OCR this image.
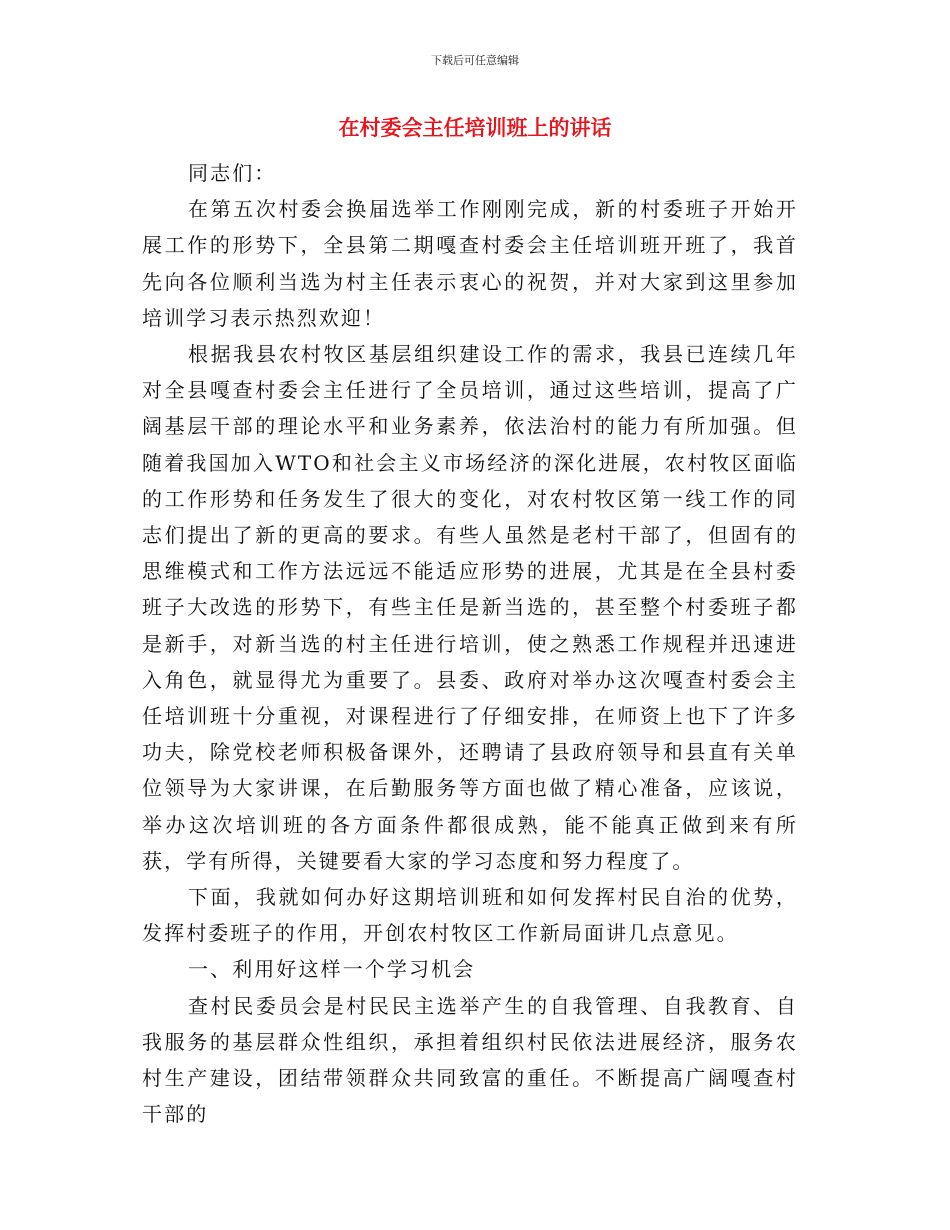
下载后可任意编辑
在村委会主任培训班上的讲话

同志们：

在第五次村委会换届选举工作刚刚完成，新的村委班子开始开展工作的形势下，全县第二期嘎查村委会主任培训班开班了，我首先向各位顺利当选为村主任表示衷心的祝贺，并对大家到这里参加培训学习表示热烈欢迎！

根据我县农村牧区基层组织建设工作的需求，我县已连续几年对全县嘎查村委会主任进行了全员培训，通过这些培训，提高了广阔基层干部的理论水平和业务素养，依法治村的能力有所加强。但随着我国加入WTO和社会主义市场经济的深化进展，农村牧区面临的工作形势和任务发生了很大的变化，对农村牧区第一线工作的同志们提出了新的更高的要求。有些人虽然是老村干部了，但固有的思维模式和工作方法远远不能适应形势的进展，尤其是在全县村委班子大改选的形势下，有些主任是新当选的，甚至整个村委班子都是新手，对新当选的村主任进行培训，使之熟悉工作规程并迅速进入角色，就显得尤为重要了。县委、政府对举办这次嘎查村委会主任培训班十分重视，对课程进行了仔细安排，在师资上也下了许多功夫，除党校老师积极备课外，还聘请了县政府领导和县直有关单位领导为大家讲课，在后勤服务等方面也做了精心准备，应该说，举办这次培训班的各方面条件都很成熟，能不能真正做到来有所获，学有所得，关键要看大家的学习态度和努力程度了。

下面，我就如何办好这期培训班和如何发挥村民自治的优势，发挥村委班子的作用，开创农村牧区工作新局面讲几点意见。

一、利用好这样一个学习机会

查村民委员会是村民民主选举产生的自我管理、自我教育、自我服务的基层群众性组织，承担着组织村民依法进展经济，服务农村生产建设，团结带领群众共同致富的重任。不断提高广阔嘎查村干部的
